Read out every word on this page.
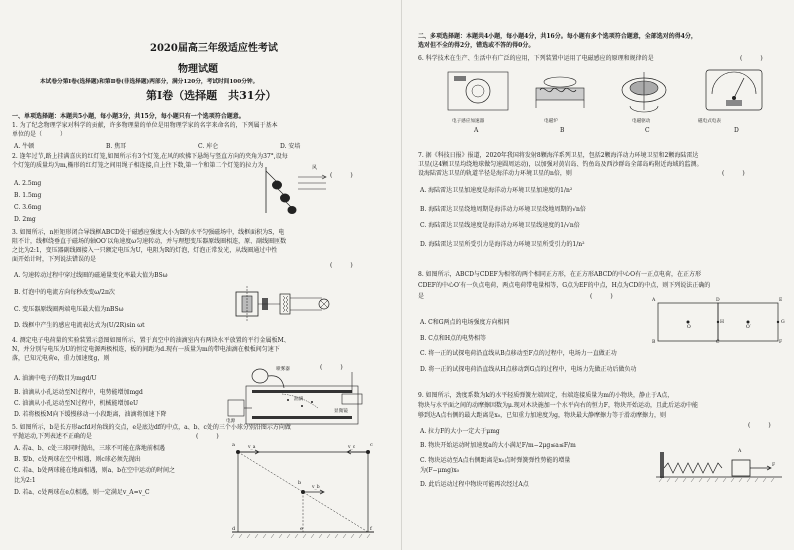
2020届高三年级适应性考试
物理试题
本试卷分第Ⅰ卷(选择题)和第Ⅱ卷(非选择题)两部分，满分120分，考试时间100分钟。
第Ⅰ卷（选择题　共31分）
一、单项选择题：本题共5小题，每小题3分，共15分，每小题只有一个选项符合题意。
1. 为了纪念物理学家对科学的贡献，许多物理量的单位是用物理学家的名字来命名的，下列属于基本
单位的是（　　　）
A. 牛顿	B. 焦耳	C. 库仑	D. 安培
2. 逢年过节,路上挂满喜庆的红灯笼,如图所示有3个灯笼,在风的吹拂下悬绳与竖直方向的夹角为37°,设每
个灯笼的质量均为m,椭形的红灯笼之间用绳子相连接,自上往下数,第一个和第二个灯笼的拉力为
(　　　)
A. 2.5mg
B. 1.5mg
C. 3.6mg
D. 2mg
风
3. 如图所示，n匝矩形闭合导线框ABCD处于磁感应强度大小为B的水平匀强磁场中，线框面积为S，电
阻不计，线框绕垂直于磁场的轴OO′以角速度ω匀速转动，并与理想变压器原线圈相连，原、副线圈匝数
之比为2:1，变压器副线圈接入一只额定电压为U，电阻为R的灯泡，灯泡正常发光，从线圈通过中性
面开始计时，下列说法错误的是
(　　　)
A. 匀速转动过程中穿过线圈的磁通量变化率最大值为BSω
B. 灯泡中的电流方向每秒改变ω/2π次
C. 变压器原线圈两端电压最大值为nBSω
D. 线框中产生的感应电流表达式为(U/2R)sin ωt
4. 测定电子电荷量的实验装置示意图如图所示，置于真空中的油滴室内有两块水平放置的平行金属板M、
N，并分别与电压为U的恒定电源两极相连，板的间距为d.现有一质量为m的带电油滴在极板间匀速下
落，已知元电荷e，重力加速度g，则
(　　　)
A. 油滴中电子的数目为mgd/U
B. 油滴从小孔运动至N过程中，电势能增加mgd
C. 油滴从小孔运动至N过程中，机械能增加eU
D. 若将极板M向下缓慢移动一小段距离，油滴将加速下降
喷雾器
油滴
显微镜
电源
5. 如图所示，b是长方形acfd对角线的交点，e是底边df的中点，a、b、c处的三个小球分别沿图示方向做
平抛运动,下列表述不正确的是	(　　　)
A. 若a、b、c处三球同时抛出，三球不可能在落地前相遇
B. 要b、c处两球在空中相遇，则c球必须先抛出
C. 若a、b处两球能在地面相遇，则a、b在空中运动的时间之
比为2:1
D. 若a、c处两球在e点相遇，则一定满足v_A=v_C
a
b
c
d	e	f
v_a
v_b
v_c
二、多项选择题：本题共4小题，每小题4分，共16分。每小题有多个选项符合题意，全部选对的得4分，
选对但不全的得2分，错选或不答的得0分。
6. 科学技术在生产、生活中有广泛的应用，下列装置中运用了电磁感应的原理和规律的是	(　　　)
电子感应加速器	电磁炉	电磁驱动	磁电式电表
A	B	C	D
7. 据《科技日报》报道，2020年我国将发射8颗海洋系列卫星，包括2颗海洋动力环境卫星和2颗海陆雷达
卫星(这4颗卫星均绕地球做匀速圆周运动)，以加强对黄岩岛、钓鱼岛及西沙群岛全部岛屿附近海域的监测。
设海陆雷达卫星的轨道半径是海洋动力环境卫星的n倍，则	(　　　)
A. 海陆雷达卫星加速度是海洋动力环境卫星加速度的1/n²
B. 海陆雷达卫星绕地周期是海洋动力环境卫星绕地周期的√n倍
C. 海陆雷达卫星线速度是海洋动力环境卫星线速度的1/√n倍
D. 海陆雷达卫星所受引力是海洋动力环境卫星所受引力的1/n²
8. 如图所示，ABCD与CDEF为相邻的两个相同正方形，在正方形ABCD的中心O有一正点电荷，在正方形
CDEF的中心O′有一负点电荷，两点电荷带电量相等，G点为EF的中点，H点为CD的中点，则下列说法正确的
是	(　　　)
A. C和G两点的电场强度方向相同
B. C点和H点的电势相等
C. 将一正的试探电荷沿直线从B点移动至F点的过程中，电场力一直做正功
D. 将一正的试探电荷沿直线从H点移动到G点的过程中，电场力先做正功后做负功
A
B	C
D	E
F
G
H
O	O′
9. 如图所示，劲度系数为k的水平轻质弹簧左端固定，右端连接质量为m的小物块，静止于A点，
物块与水平面之间的动摩擦因数为μ.现对木块施加一个水平向右的恒力F，物块开始运动，且此后运动中能
够到达A点右侧的最大距离是x₀，已知重力加速度为g，物块最大静摩擦力等于滑动摩擦力，则
(　　　)
A. 拉力F的大小一定大于μmg
B. 物块开始运动时加速度a的大小满足F/m−2μg≤a≤F/m
C. 物块运动至A点右侧距离是x₀点时弹簧弹性势能的增量
为(F−μmg)x₀
D. 此后运动过程中物块可能再次经过A点
A
F
